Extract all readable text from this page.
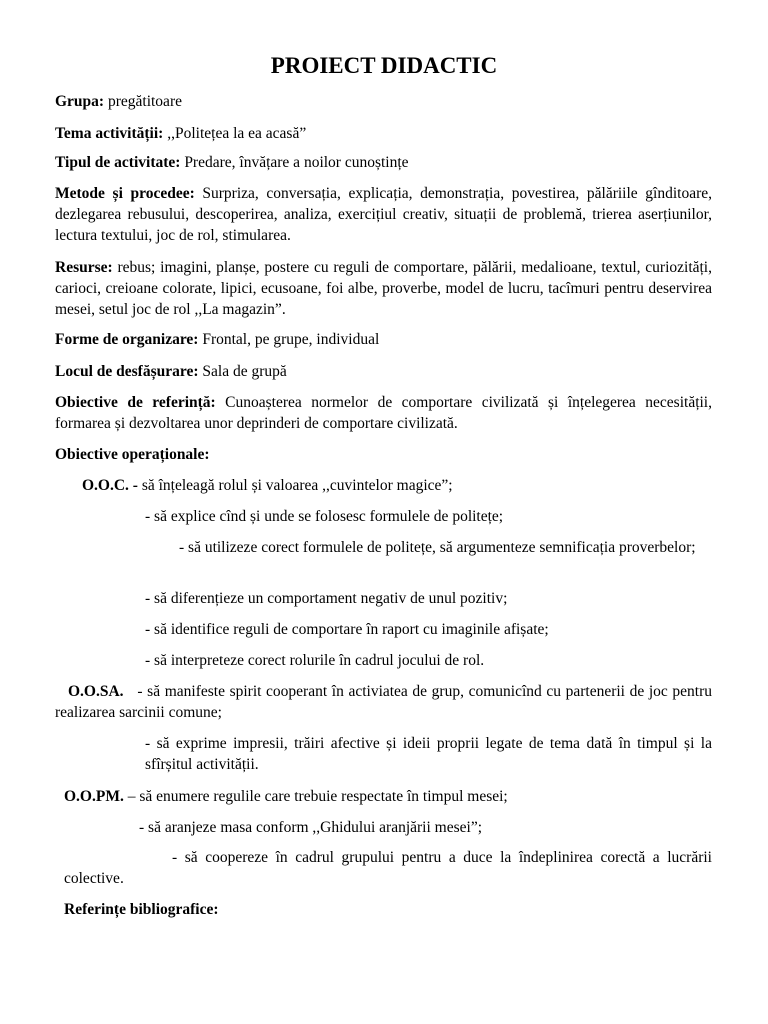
PROIECT DIDACTIC
Grupa: pregătitoare
Tema activității: ,,Politețea la ea acasă”
Tipul de activitate: Predare, învățare a noilor cunoștințe
Metode și procedee: Surpriza, conversația, explicația, demonstrația, povestirea, pălăriile gînditoare, dezlegarea rebusului, descoperirea, analiza, exercițiul creativ, situații de problemă, trierea aserțiunilor, lectura textului, joc de rol, stimularea.
Resurse: rebus; imagini, planșe, postere cu reguli de comportare, pălării, medalioane, textul, curiozități, carioci, creioane colorate, lipici, ecusoane, foi albe, proverbe, model de lucru, tacîmuri pentru deservirea mesei, setul joc de rol ,,La magazin”.
Forme de organizare: Frontal, pe grupe, individual
Locul de desfășurare: Sala de grupă
Obiective de referință: Cunoașterea normelor de comportare civilizată și înțelegerea necesității, formarea și dezvoltarea unor deprinderi de comportare civilizată.
Obiective operaționale:
O.O.C. - să înțeleagă rolul și valoarea ,,cuvintelor magice”;
- să explice cînd și unde se folosesc formulele de politețe;
- să utilizeze corect formulele de politețe, să argumenteze semnificația proverbelor;
- să diferențieze un comportament negativ de unul pozitiv;
- să identifice reguli de comportare în raport cu imaginile afișate;
- să interpreteze corect rolurile în cadrul jocului de rol.
O.O.SA. - să manifeste spirit cooperant în activiatea de grup, comunicînd cu partenerii de joc pentru realizarea sarcinii comune;
- să exprime impresii, trăiri afective și ideii proprii legate de tema dată în timpul și la sfîrșitul activității.
O.O.PM. – să enumere regulile care trebuie respectate în timpul mesei;
- să aranjeze masa conform ,,Ghidului aranjării mesei”;
- să coopereze în cadrul grupului pentru a duce la îndeplinirea corectă a lucrării colective.
Referințe bibliografice:
